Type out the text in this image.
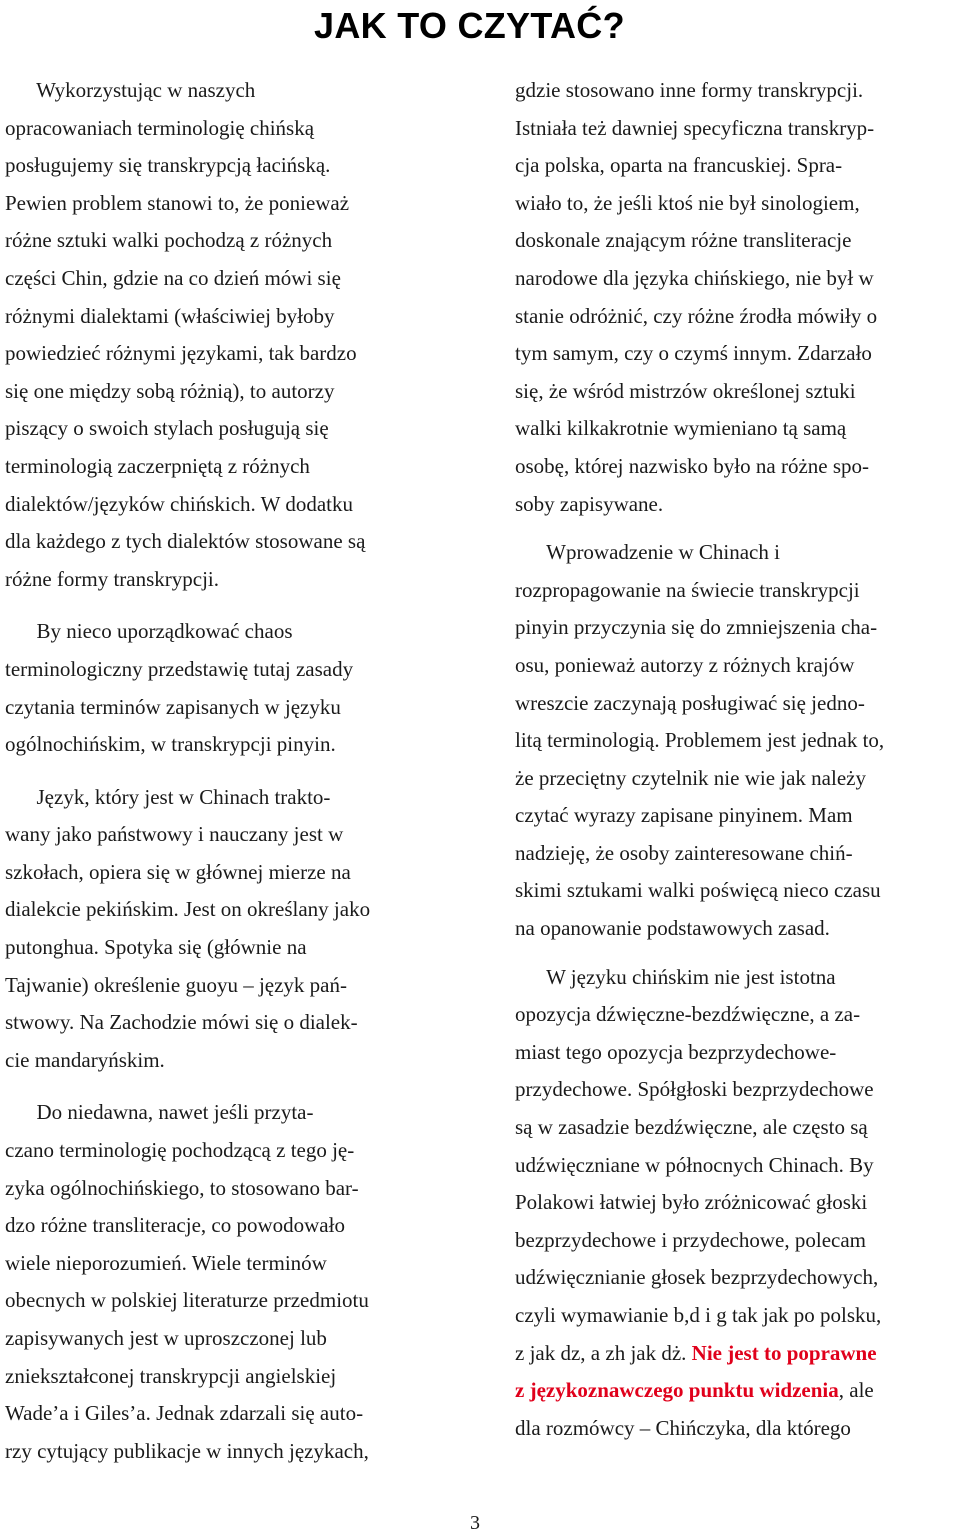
JAK TO CZYTAĆ?

Wykorzystując w naszych

opracowaniach terminologię chińską

posługujemy się transkrypcją łacińską.

Pewien problem stanowi to, że ponieważ

różne sztuki walki pochodzą z różnych

części Chin, gdzie na co dzień mówi się

różnymi dialektami (właściwiej byłoby

powiedzieć różnymi językami, tak bardzo

się one między sobą różnią), to autorzy

piszący o swoich stylach posługują się

terminologią zaczerpniętą z różnych

dialektów/języków chińskich. W dodatku

dla każdego z tych dialektów stosowane są

różne formy transkrypcji.

By nieco uporządkować chaos

terminologiczny przedstawię tutaj zasady

czytania terminów zapisanych w języku

ogólnochińskim, w transkrypcji pinyin.

Język, który jest w Chinach trakto-

wany jako państwowy i nauczany jest w

szkołach, opiera się w głównej mierze na

dialekcie pekińskim. Jest on określany jako

putonghua. Spotyka się (głównie na

Tajwanie) określenie guoyu – język pań-

stwowy. Na Zachodzie mówi się o dialek-

cie mandaryńskim.

Do niedawna, nawet jeśli przyta-

czano terminologię pochodzącą z tego ję-

zyka ogólnochińskiego, to stosowano bar-

dzo różne transliteracje, co powodowało

wiele nieporozumień. Wiele terminów

obecnych w polskiej literaturze przedmiotu

zapisywanych jest w uproszczonej lub

zniekształconej transkrypcji angielskiej

Wade’a i Giles’a. Jednak zdarzali się auto-

rzy cytujący publikacje w innych językach,

gdzie stosowano inne formy transkrypcji.

Istniała też dawniej specyficzna transkryp-

cja polska, oparta na francuskiej. Spra-

wiało to, że jeśli ktoś nie był sinologiem,

doskonale znającym różne transliteracje

narodowe dla języka chińskiego, nie był w

stanie odróżnić, czy różne źrodła mówiły o

tym samym, czy o czymś innym. Zdarzało

się, że wśród mistrzów określonej sztuki

walki kilkakrotnie wymieniano tą samą

osobę, której nazwisko było na różne spo-

soby zapisywane.

Wprowadzenie w Chinach i

rozpropagowanie na świecie transkrypcji

pinyin przyczynia się do zmniejszenia cha-

osu, ponieważ autorzy z różnych krajów

wreszcie zaczynają posługiwać się jedno-

litą terminologią. Problemem jest jednak to,

że przeciętny czytelnik nie wie jak należy

czytać wyrazy zapisane pinyinem. Mam

nadzieję, że osoby zainteresowane chiń-

skimi sztukami walki poświęcą nieco czasu

na opanowanie podstawowych zasad.

W języku chińskim nie jest istotna

opozycja dźwięczne-bezdźwięczne, a za-

miast tego opozycja bezprzydechowe-

przydechowe. Spółgłoski bezprzydechowe

są w zasadzie bezdźwięczne, ale często są

udźwięczniane w północnych Chinach. By

Polakowi łatwiej było zróżnicować głoski

bezprzydechowe i przydechowe, polecam

udźwięcznianie głosek bezprzydechowych,

czyli wymawianie b,d i g tak jak po polsku,

z jak dz, a zh jak dż. Nie jest to poprawne

z językoznawczego punktu widzenia, ale

dla rozmówcy – Chińczyka, dla którego

3
